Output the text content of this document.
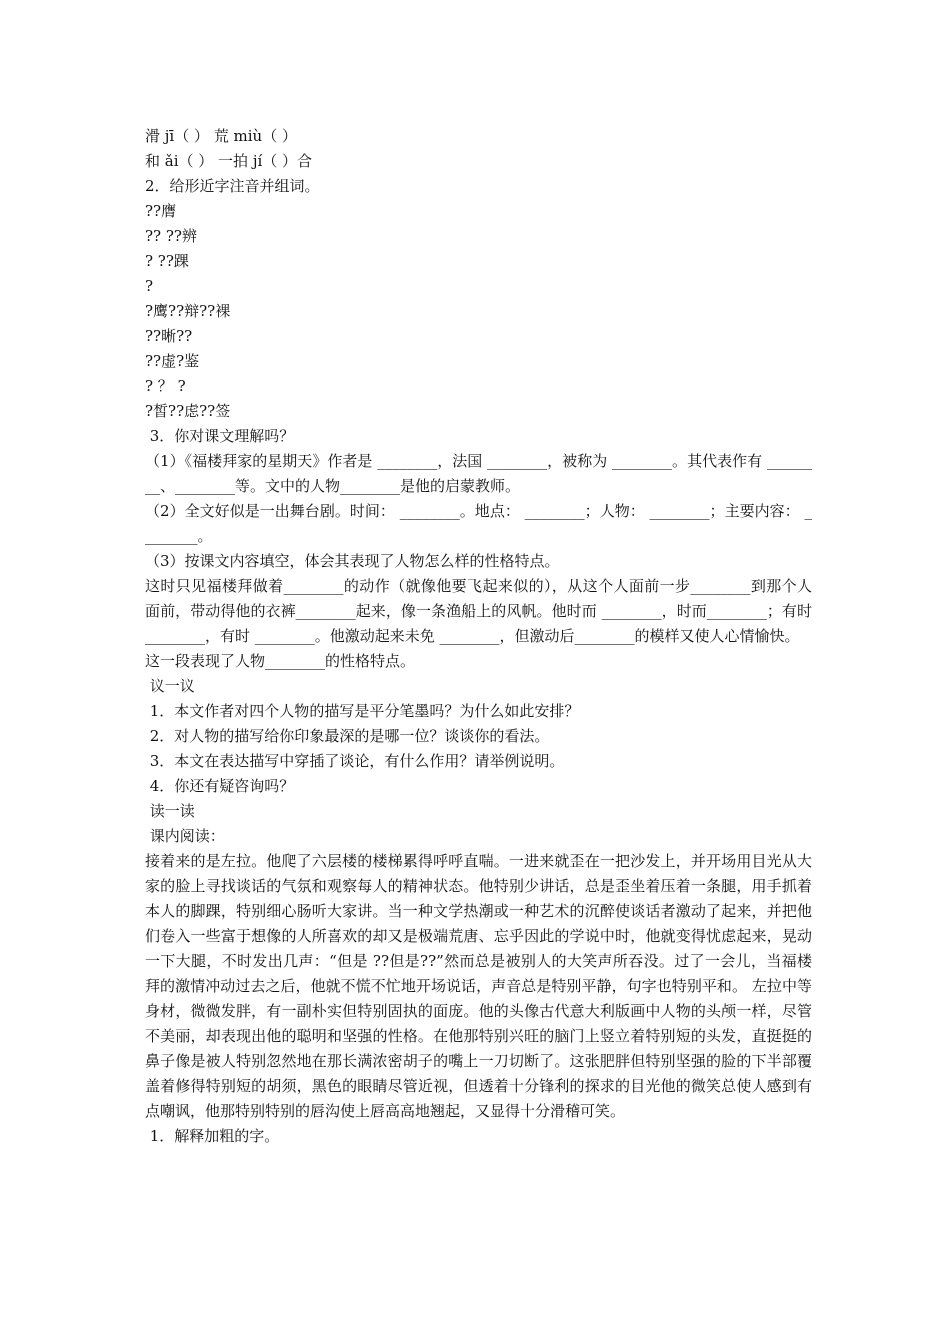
滑 jī（ ） 荒 miù（ ）
和 ǎi（ ） 一拍 jí（ ）合
2．给形近字注音并组词。
??膺
?? ??辨
? ??踝
?
?鹰??辩??裸
??晰??
??虚?鉴
? ？ ?
?皙??虑??签
3．你对课文理解吗？
（1）《福楼拜家的星期天》作者是 ________，法国 ________，被称为 ________。其代表作有 ________、________等。文中的人物________是他的启蒙教师。
（2）全文好似是一出舞台剧。时间： ________。地点： ________；人物： ________；主要内容： ________。
（3）按课文内容填空，体会其表现了人物怎么样的性格特点。
这时只见福楼拜做着________的动作（就像他要飞起来似的），从这个人面前一步________到那个人面前，带动得他的衣裤________起来，像一条渔船上的风帆。他时而 ________，时而________；有时________，有时 ________。他激动起来未免 ________，但激动后________的模样又使人心情愉快。
这一段表现了人物________的性格特点。
议一议
1．本文作者对四个人物的描写是平分笔墨吗？为什么如此安排？
2．对人物的描写给你印象最深的是哪一位？谈谈你的看法。
3．本文在表达描写中穿插了谈论，有什么作用？请举例说明。
4．你还有疑咨询吗？
读一读
课内阅读：
接着来的是左拉。他爬了六层楼的楼梯累得呼呼直喘。一进来就歪在一把沙发上，并开场用目光从大家的脸上寻找谈话的气氛和观察每人的精神状态。他特别少讲话，总是歪坐着压着一条腿，用手抓着本人的脚踝，特别细心肠听大家讲。当一种文学热潮或一种艺术的沉醉使谈话者激动了起来，并把他们卷入一些富于想像的人所喜欢的却又是极端荒唐、忘乎因此的学说中时，他就变得忧虑起来，晃动一下大腿，不时发出几声：“但是 ??但是??”然而总是被别人的大笑声所吞没。过了一会儿，当福楼拜的激情冲动过去之后，他就不慌不忙地开场说话，声音总是特别平静，句字也特别平和。 左拉中等身材，微微发胖，有一副朴实但特别固执的面庞。他的头像古代意大利版画中人物的头颅一样，尽管不美丽，却表现出他的聪明和坚强的性格。在他那特别兴旺的脑门上竖立着特别短的头发，直挺挺的鼻子像是被人特别忽然地在那长满浓密胡子的嘴上一刀切断了。这张肥胖但特别坚强的脸的下半部覆盖着修得特别短的胡须，黑色的眼睛尽管近视，但透着十分锋利的探求的目光他的微笑总使人感到有点嘲讽，他那特别特别的唇沟使上唇高高地翘起，又显得十分滑稽可笑。
1．解释加粗的字。
